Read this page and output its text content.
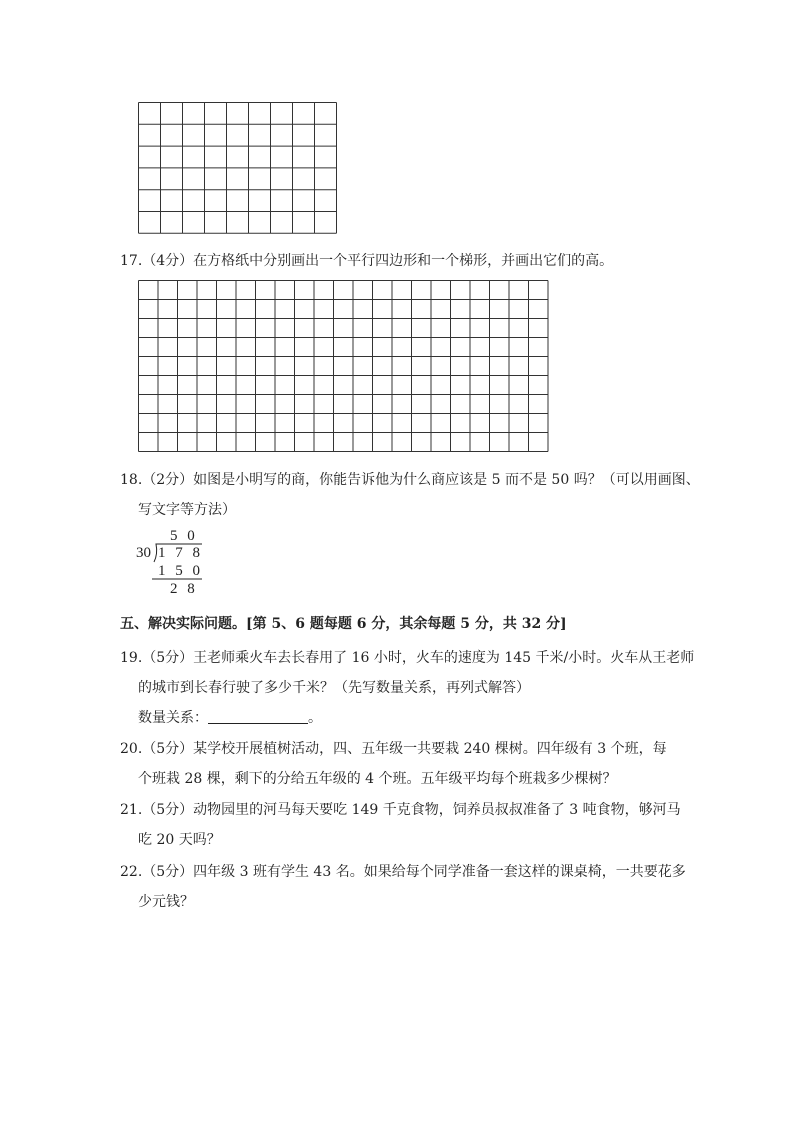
17.（4分）在方格纸中分别画出一个平行四边形和一个梯形，并画出它们的高。
18.（2分）如图是小明写的商，你能告诉他为什么商应该是 5 而不是 50 吗？（可以用画图、
写文字等方法）
5 0
30 1 7 8
1 5 0
2 8
五、解决实际问题。[第 5、6 题每题 6 分，其余每题 5 分，共 32 分]
19.（5分）王老师乘火车去长春用了 16 小时，火车的速度为 145 千米/小时。火车从王老师
的城市到长春行驶了多少千米？（先写数量关系，再列式解答）
数量关系：	。
20.（5分）某学校开展植树活动，四、五年级一共要栽 240 棵树。四年级有 3 个班，每
个班栽 28 棵，剩下的分给五年级的 4 个班。五年级平均每个班栽多少棵树？
21.（5分）动物园里的河马每天要吃 149 千克食物，饲养员叔叔准备了 3 吨食物，够河马
吃 20 天吗？
22.（5分）四年级 3 班有学生 43 名。如果给每个同学准备一套这样的课桌椅，一共要花多
少元钱？
